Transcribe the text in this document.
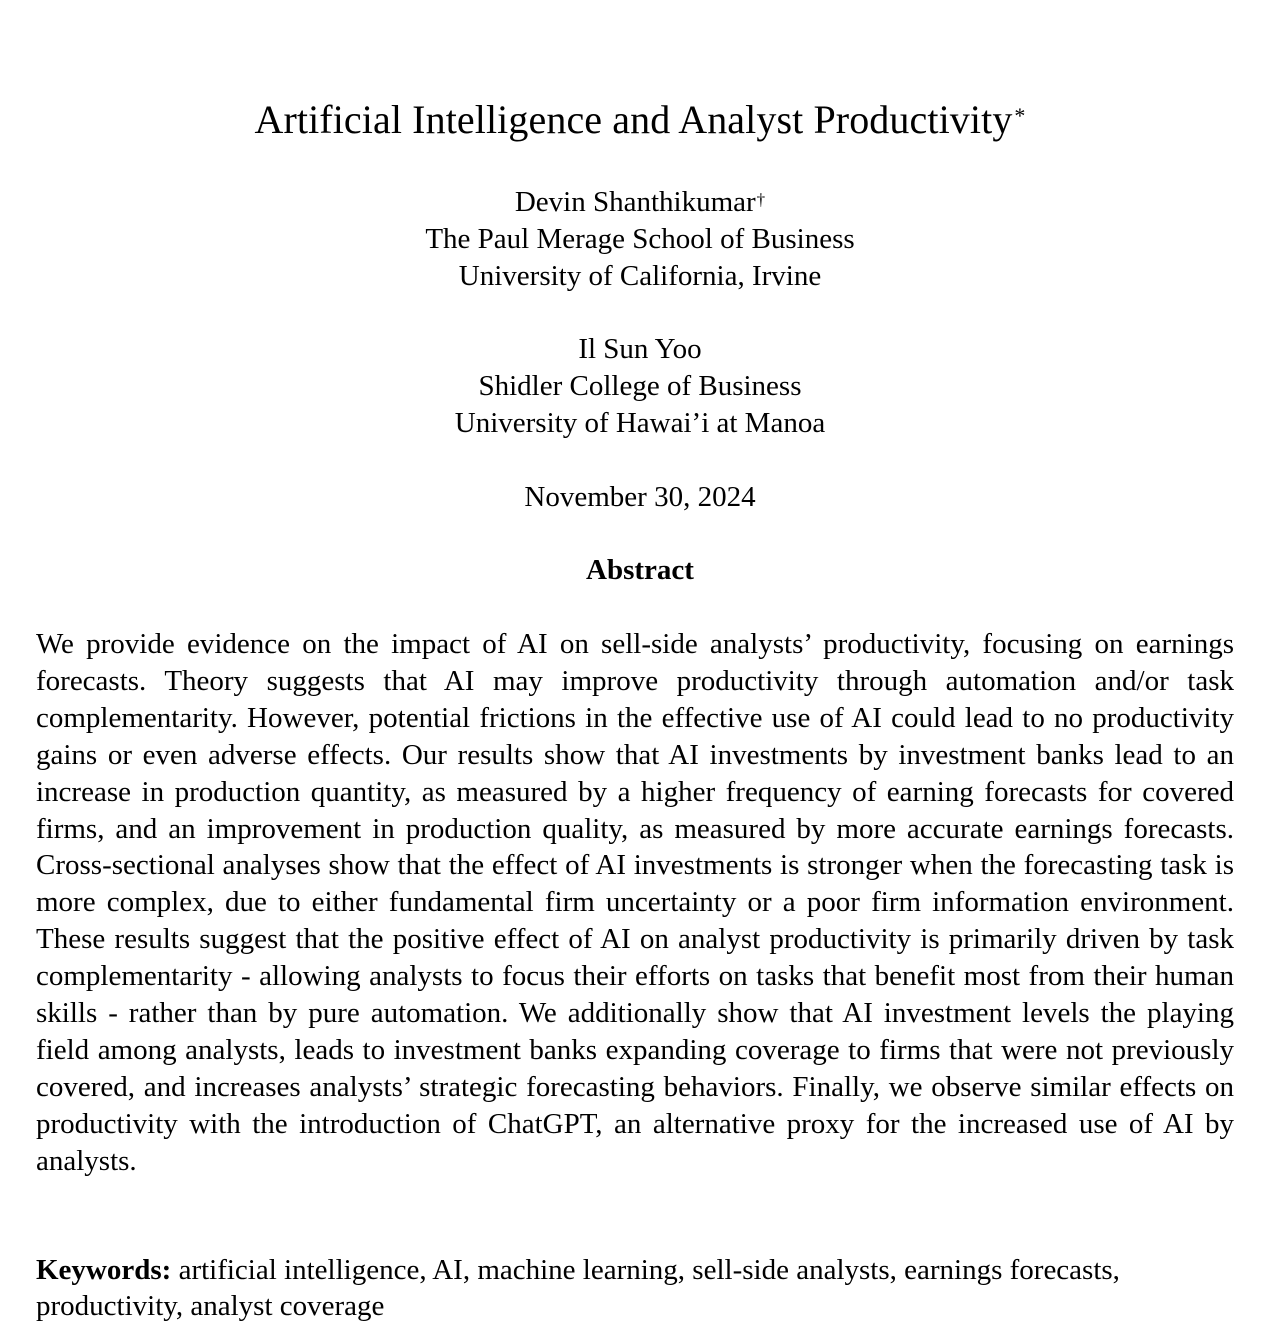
Artificial Intelligence and Analyst Productivity*
Devin Shanthikumar†
The Paul Merage School of Business
University of California, Irvine
Il Sun Yoo
Shidler College of Business
University of Hawai’i at Manoa
November 30, 2024
Abstract

We provide evidence on the impact of AI on sell-side analysts’ productivity, focusing on earnings forecasts. Theory suggests that AI may improve productivity through automation and/or task complementarity. However, potential frictions in the effective use of AI could lead to no productivity gains or even adverse effects. Our results show that AI investments by investment banks lead to an increase in production quantity, as measured by a higher frequency of earning forecasts for covered firms, and an improvement in production quality, as measured by more accurate earnings forecasts. Cross-sectional analyses show that the effect of AI investments is stronger when the forecasting task is more complex, due to either fundamental firm uncertainty or a poor firm information environment. These results suggest that the positive effect of AI on analyst productivity is primarily driven by task complementarity - allowing analysts to focus their efforts on tasks that benefit most from their human skills - rather than by pure automation. We additionally show that AI investment levels the playing field among analysts, leads to investment banks expanding coverage to firms that were not previously covered, and increases analysts’ strategic forecasting behaviors. Finally, we observe similar effects on productivity with the introduction of ChatGPT, an alternative proxy for the increased use of AI by analysts.

Keywords: artificial intelligence, AI, machine learning, sell-side analysts, earnings forecasts, productivity, analyst coverage
